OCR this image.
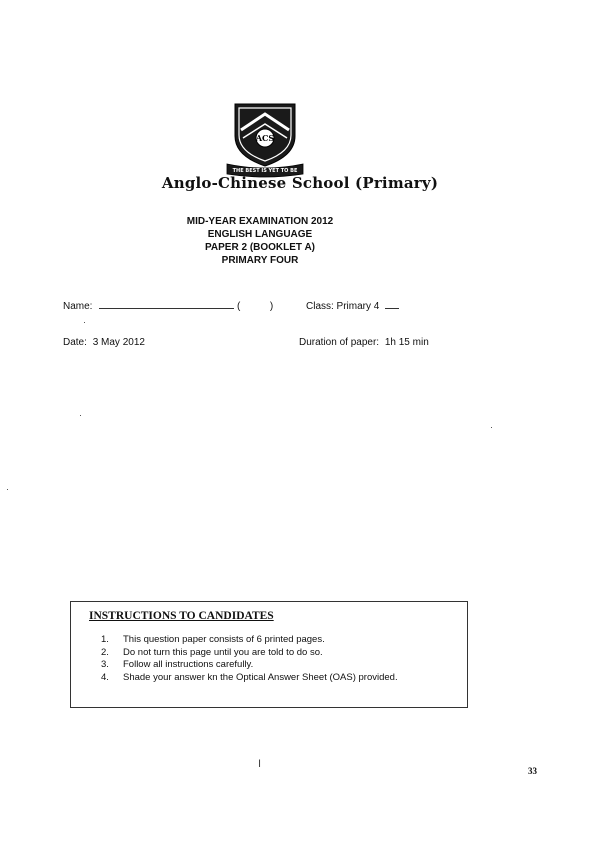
ACS
THE BEST IS YET TO BE
Anglo-Chinese School (Primary)
MID-YEAR EXAMINATION 2012
ENGLISH LANGUAGE
PAPER 2 (BOOKLET A)
PRIMARY FOUR
Name:	(	)	Class: Primary 4
Date: 3 May 2012	Duration of paper: 1h 15 min
INSTRUCTIONS TO CANDIDATES
1.	This question paper consists of 6 printed pages.
2.	Do not turn this page until you are told to do so.
3.	Follow all instructions carefully.
4.	Shade your answer kn the Optical Answer Sheet (OAS) provided.
I
33
